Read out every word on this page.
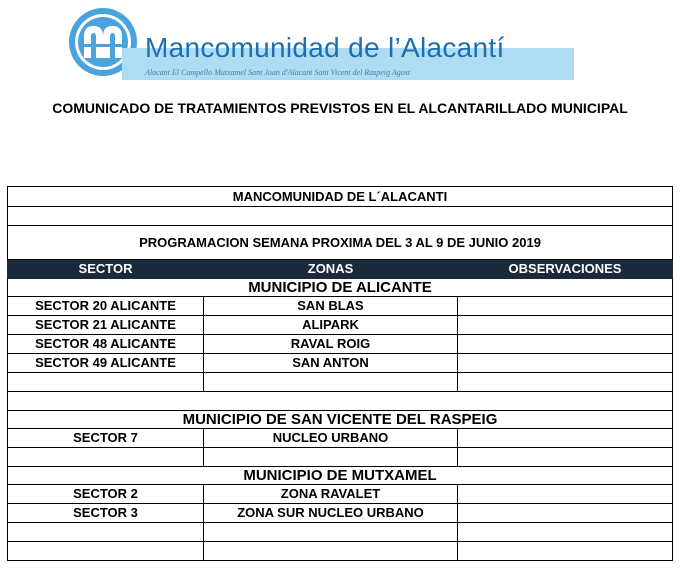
Mancomunidad de l’Alacantí
Alacant El Campello Mutxamel Sant Joan d'Alacant Sant Vicent del Raspeig Agost
COMUNICADO DE TRATAMIENTOS PREVISTOS EN EL ALCANTARILLADO MUNICIPAL
MANCOMUNIDAD DE L´ALACANTI		

PROGRAMACION SEMANA PROXIMA DEL 3 AL 9 DE JUNIO 2019		
SECTOR	ZONAS	OBSERVACIONES
MUNICIPIO DE ALICANTE		
SECTOR 20 ALICANTE	SAN BLAS	
SECTOR 21 ALICANTE	ALIPARK	
SECTOR 48 ALICANTE	RAVAL ROIG	
SECTOR 49 ALICANTE	SAN ANTON	

MUNICIPIO DE SAN VICENTE DEL RASPEIG		
SECTOR 7	NUCLEO URBANO	

MUNICIPIO DE MUTXAMEL		
SECTOR 2	ZONA RAVALET	
SECTOR 3	ZONA SUR NUCLEO URBANO	
